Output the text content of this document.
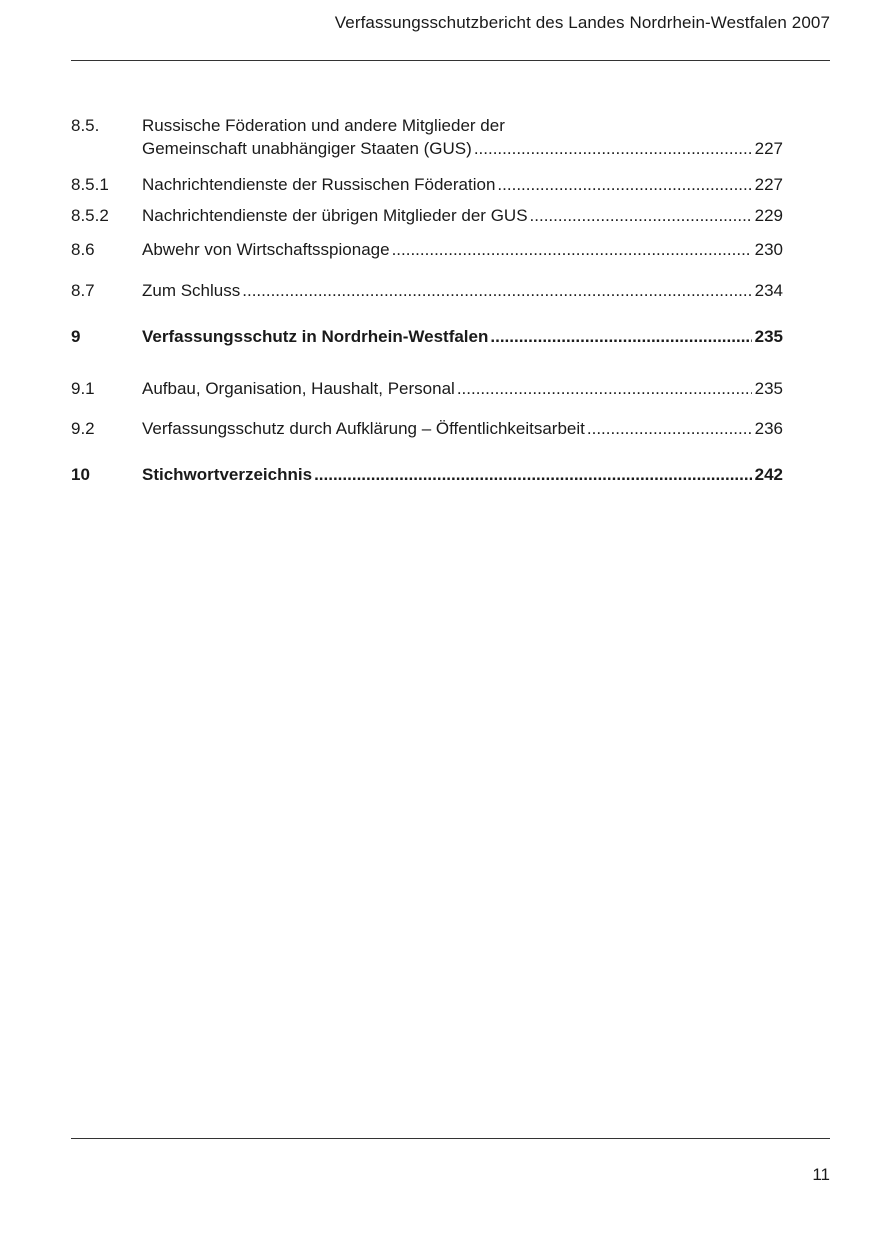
Verfassungsschutzbericht des Landes Nordrhein-Westfalen 2007
8.5.	Russische Föderation und andere Mitglieder der
Gemeinschaft unabhängiger Staaten (GUS) .....	227
8.5.1 Nachrichtendienste der Russischen Föderation .....	227
8.5.2 Nachrichtendienste der übrigen Mitglieder der GUS .....	229
8.6	Abwehr von Wirtschaftsspionage .....	230
8.7	Zum Schluss .....	234
9	Verfassungsschutz in Nordrhein-Westfalen .....	235
9.1	Aufbau, Organisation, Haushalt, Personal .....	235
9.2	Verfassungsschutz durch Aufklärung – Öffentlichkeitsarbeit .....	236
10	Stichwortverzeichnis .....	242
11
